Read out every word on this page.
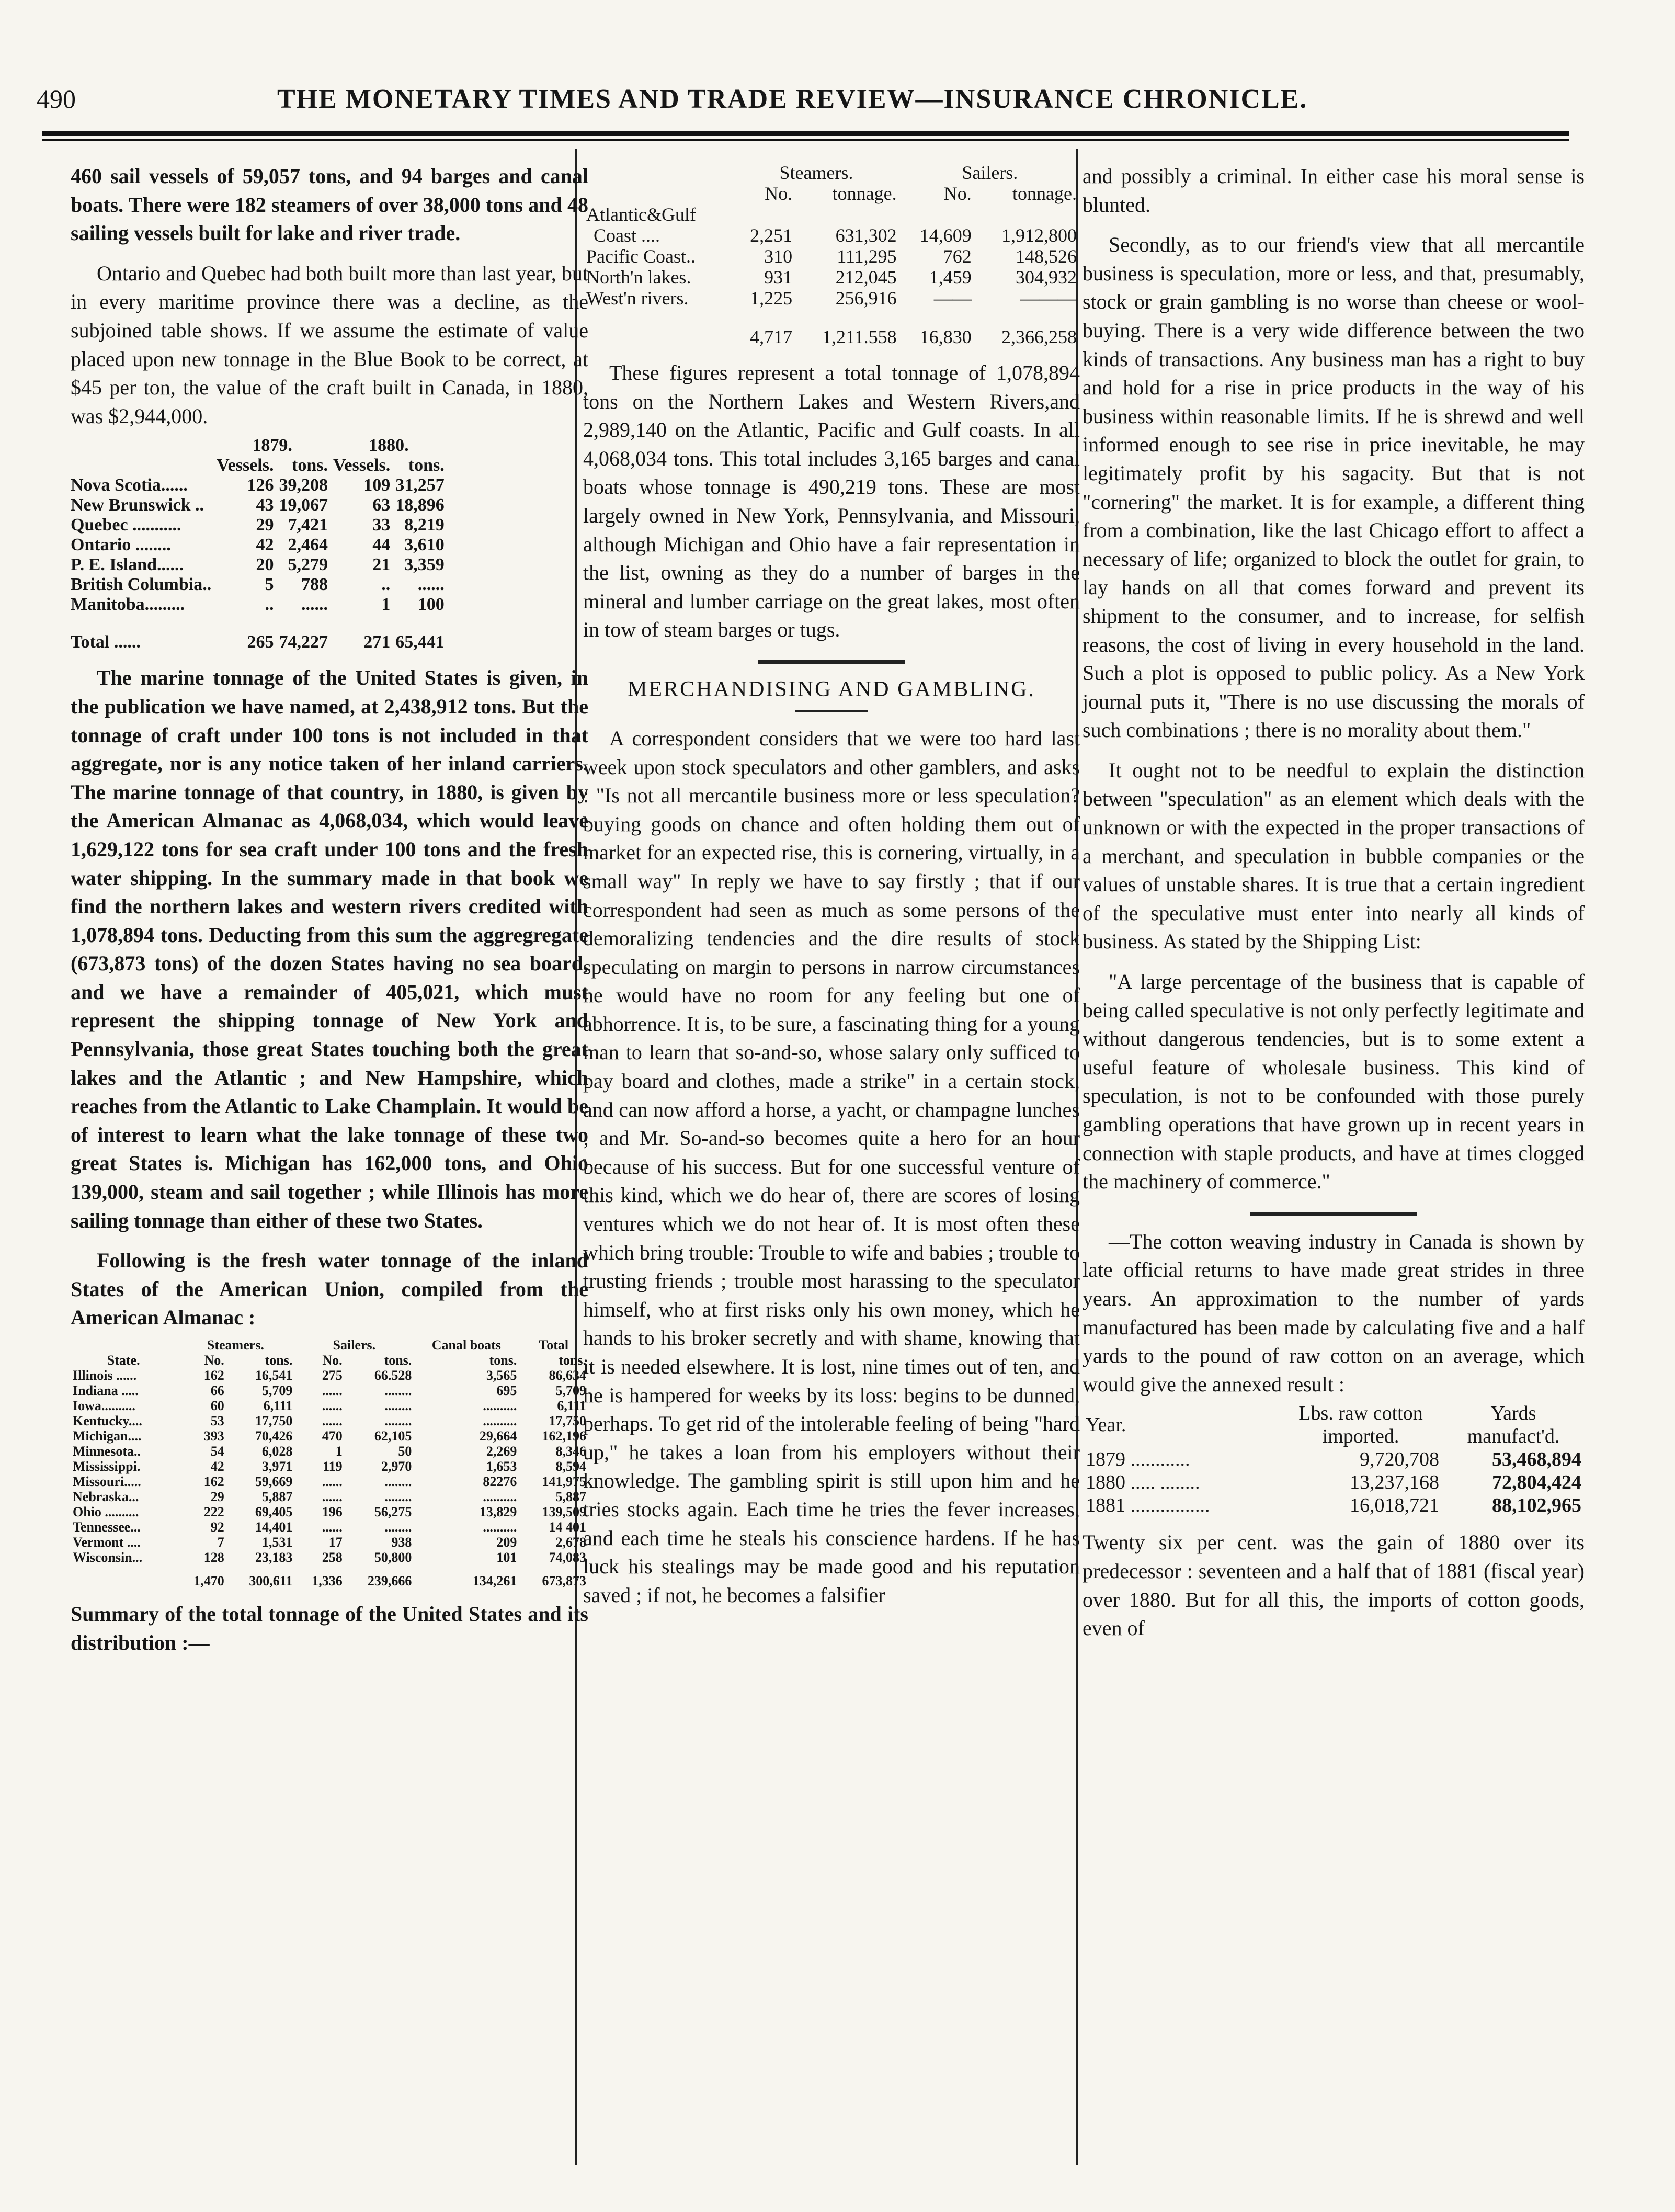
490	THE MONETARY TIMES AND TRADE REVIEW—INSURANCE CHRONICLE.

460 sail vessels of 59,057 tons, and 94 barges and canal boats. There were 182 steamers of over 38,000 tons and 48 sailing vessels built for lake and river trade.

Ontario and Quebec had both built more than last year, but in every maritime province there was a decline, as the subjoined table shows. If we assume the estimate of value placed upon new tonnage in the Blue Book to be correct, at $45 per ton, the value of the craft built in Canada, in 1880, was $2,944,000.

	1879.		1880.	
	Vessels.	tons.	Vessels.	tons.
Nova Scotia......	126	39,208	109	31,257
New Brunswick ..	43	19,067	63	18,896
Quebec ...........	29	7,421	33	8,219
Ontario ........	42	2,464	44	3,610
P. E. Island......	20	5,279	21	3,359
British Columbia..	5	788	..	......
Manitoba.........	..	......	1	100
Total ......	265	74,227	271	65,441

The marine tonnage of the United States is given, in the publication we have named, at 2,438,912 tons. But the tonnage of craft under 100 tons is not included in that aggregate, nor is any notice taken of her inland carriers. The marine tonnage of that country, in 1880, is given by the American Almanac as 4,068,034, which would leave 1,629,122 tons for sea craft under 100 tons and the fresh water shipping. In the summary made in that book we find the northern lakes and western rivers credited with 1,078,894 tons. Deducting from this sum the aggregregate (673,873 tons) of the dozen States having no sea board, and we have a remainder of 405,021, which must represent the shipping tonnage of New York and Pennsylvania, those great States touching both the great lakes and the Atlantic ; and New Hampshire, which reaches from the Atlantic to Lake Champlain. It would be of interest to learn what the lake tonnage of these two great States is. Michigan has 162,000 tons, and Ohio 139,000, steam and sail together ; while Illinois has more sailing tonnage than either of these two States.

Following is the fresh water tonnage of the inland States of the American Union, compiled from the American Almanac :

	Steamers.		Sailers.		Canal boats	Total
State.	No.	tons.	No.	tons.	tons.	tons.
Illinois ......	162	16,541	275	66.528	3,565	86,634
Indiana .....	66	5,709	......	........	695	5,709
Iowa..........	60	6,111	......	........	..........	6,111
Kentucky....	53	17,750	......	........	..........	17,750
Michigan....	393	70,426	470	62,105	29,664	162,196
Minnesota..	54	6,028	1	50	2,269	8,346
Mississippi.	42	3,971	119	2,970	1,653	8,594
Missouri.....	162	59,669	......	........	82276	141,975
Nebraska...	29	5,887	......	........	..........	5,887
Ohio ..........	222	69,405	196	56,275	13,829	139,509
Tennessee...	92	14,401	......	........	..........	14 401
Vermont ....	7	1,531	17	938	209	2,678
Wisconsin...	128	23,183	258	50,800	101	74,083
	1,470	300,611	1,336	239,666	134,261	673,873

Summary of the total tonnage of the United States and its distribution :—

	Steamers.		Sailers.	
	No.	tonnage.	No.	tonnage.
Atlantic&Gulf				
Coast ....	2,251	631,302	14,609	1,912,800
Pacific Coast..	310	111,295	762	148,526
North'n lakes.	931	212,045	1,459	304,932
West'n rivers.	1,225	256,916	——	———
	4,717	1,211.558	16,830	2,366,258

These figures represent a total tonnage of 1,078,894 tons on the Northern Lakes and Western Rivers,and 2,989,140 on the Atlantic, Pacific and Gulf coasts. In all 4,068,034 tons. This total includes 3,165 barges and canal boats whose tonnage is 490,219 tons. These are most largely owned in New York, Pennsylvania, and Missouri, although Michigan and Ohio have a fair representation in the list, owning as they do a number of barges in the mineral and lumber carriage on the great lakes, most often in tow of steam barges or tugs.

MERCHANDISING AND GAMBLING.

A correspondent considers that we were too hard last week upon stock speculators and other gamblers, and asks : "Is not all mercantile business more or less speculation? buying goods on chance and often holding them out of market for an expected rise, this is cornering, virtually, in a small way" In reply we have to say firstly ; that if our correspondent had seen as much as some persons of the demoralizing tendencies and the dire results of stock speculating on margin to persons in narrow circumstances he would have no room for any feeling but one of abhorrence. It is, to be sure, a fascinating thing for a young man to learn that so-and-so, whose salary only sufficed to pay board and clothes, made a strike" in a certain stock, and can now afford a horse, a yacht, or champagne lunches ; and Mr. So-and-so becomes quite a hero for an hour because of his success. But for one successful venture of this kind, which we do hear of, there are scores of losing ventures which we do not hear of. It is most often these which bring trouble: Trouble to wife and babies ; trouble to trusting friends ; trouble most harassing to the speculator himself, who at first risks only his own money, which he hands to his broker secretly and with shame, knowing that it is needed elsewhere. It is lost, nine times out of ten, and he is hampered for weeks by its loss: begins to be dunned, perhaps. To get rid of the intolerable feeling of being "hard up," he takes a loan from his employers without their knowledge. The gambling spirit is still upon him and he tries stocks again. Each time he tries the fever increases, and each time he steals his conscience hardens. If he has luck his stealings may be made good and his reputation saved ; if not, he becomes a falsifier

and possibly a criminal. In either case his moral sense is blunted.

Secondly, as to our friend's view that all mercantile business is speculation, more or less, and that, presumably, stock or grain gambling is no worse than cheese or wool-buying. There is a very wide difference between the two kinds of transactions. Any business man has a right to buy and hold for a rise in price products in the way of his business within reasonable limits. If he is shrewd and well informed enough to see rise in price inevitable, he may legitimately profit by his sagacity. But that is not "cornering" the market. It is for example, a different thing from a combination, like the last Chicago effort to affect a necessary of life; organized to block the outlet for grain, to lay hands on all that comes forward and prevent its shipment to the consumer, and to increase, for selfish reasons, the cost of living in every household in the land. Such a plot is opposed to public policy. As a New York journal puts it, "There is no use discussing the morals of such combinations ; there is no morality about them."

It ought not to be needful to explain the distinction between "speculation" as an element which deals with the unknown or with the expected in the proper transactions of a merchant, and speculation in bubble companies or the values of unstable shares. It is true that a certain ingredient of the speculative must enter into nearly all kinds of business. As stated by the Shipping List:

"A large percentage of the business that is capable of being called speculative is not only perfectly legitimate and without dangerous tendencies, but is to some extent a useful feature of wholesale business. This kind of speculation, is not to be confounded with those purely gambling operations that have grown up in recent years in connection with staple products, and have at times clogged the machinery of commerce."

—The cotton weaving industry in Canada is shown by late official returns to have made great strides in three years. An approximation to the number of yards manufactured has been made by calculating five and a half yards to the pound of raw cotton on an average, which would give the annexed result :

Year.	Lbs. raw cotton imported.	Yards manufact'd.
1879 ............	9,720,708	53,468,894
1880 ..... ........	13,237,168	72,804,424
1881 ................	16,018,721	88,102,965

Twenty six per cent. was the gain of 1880 over its predecessor : seventeen and a half that of 1881 (fiscal year) over 1880. But for all this, the imports of cotton goods, even of
